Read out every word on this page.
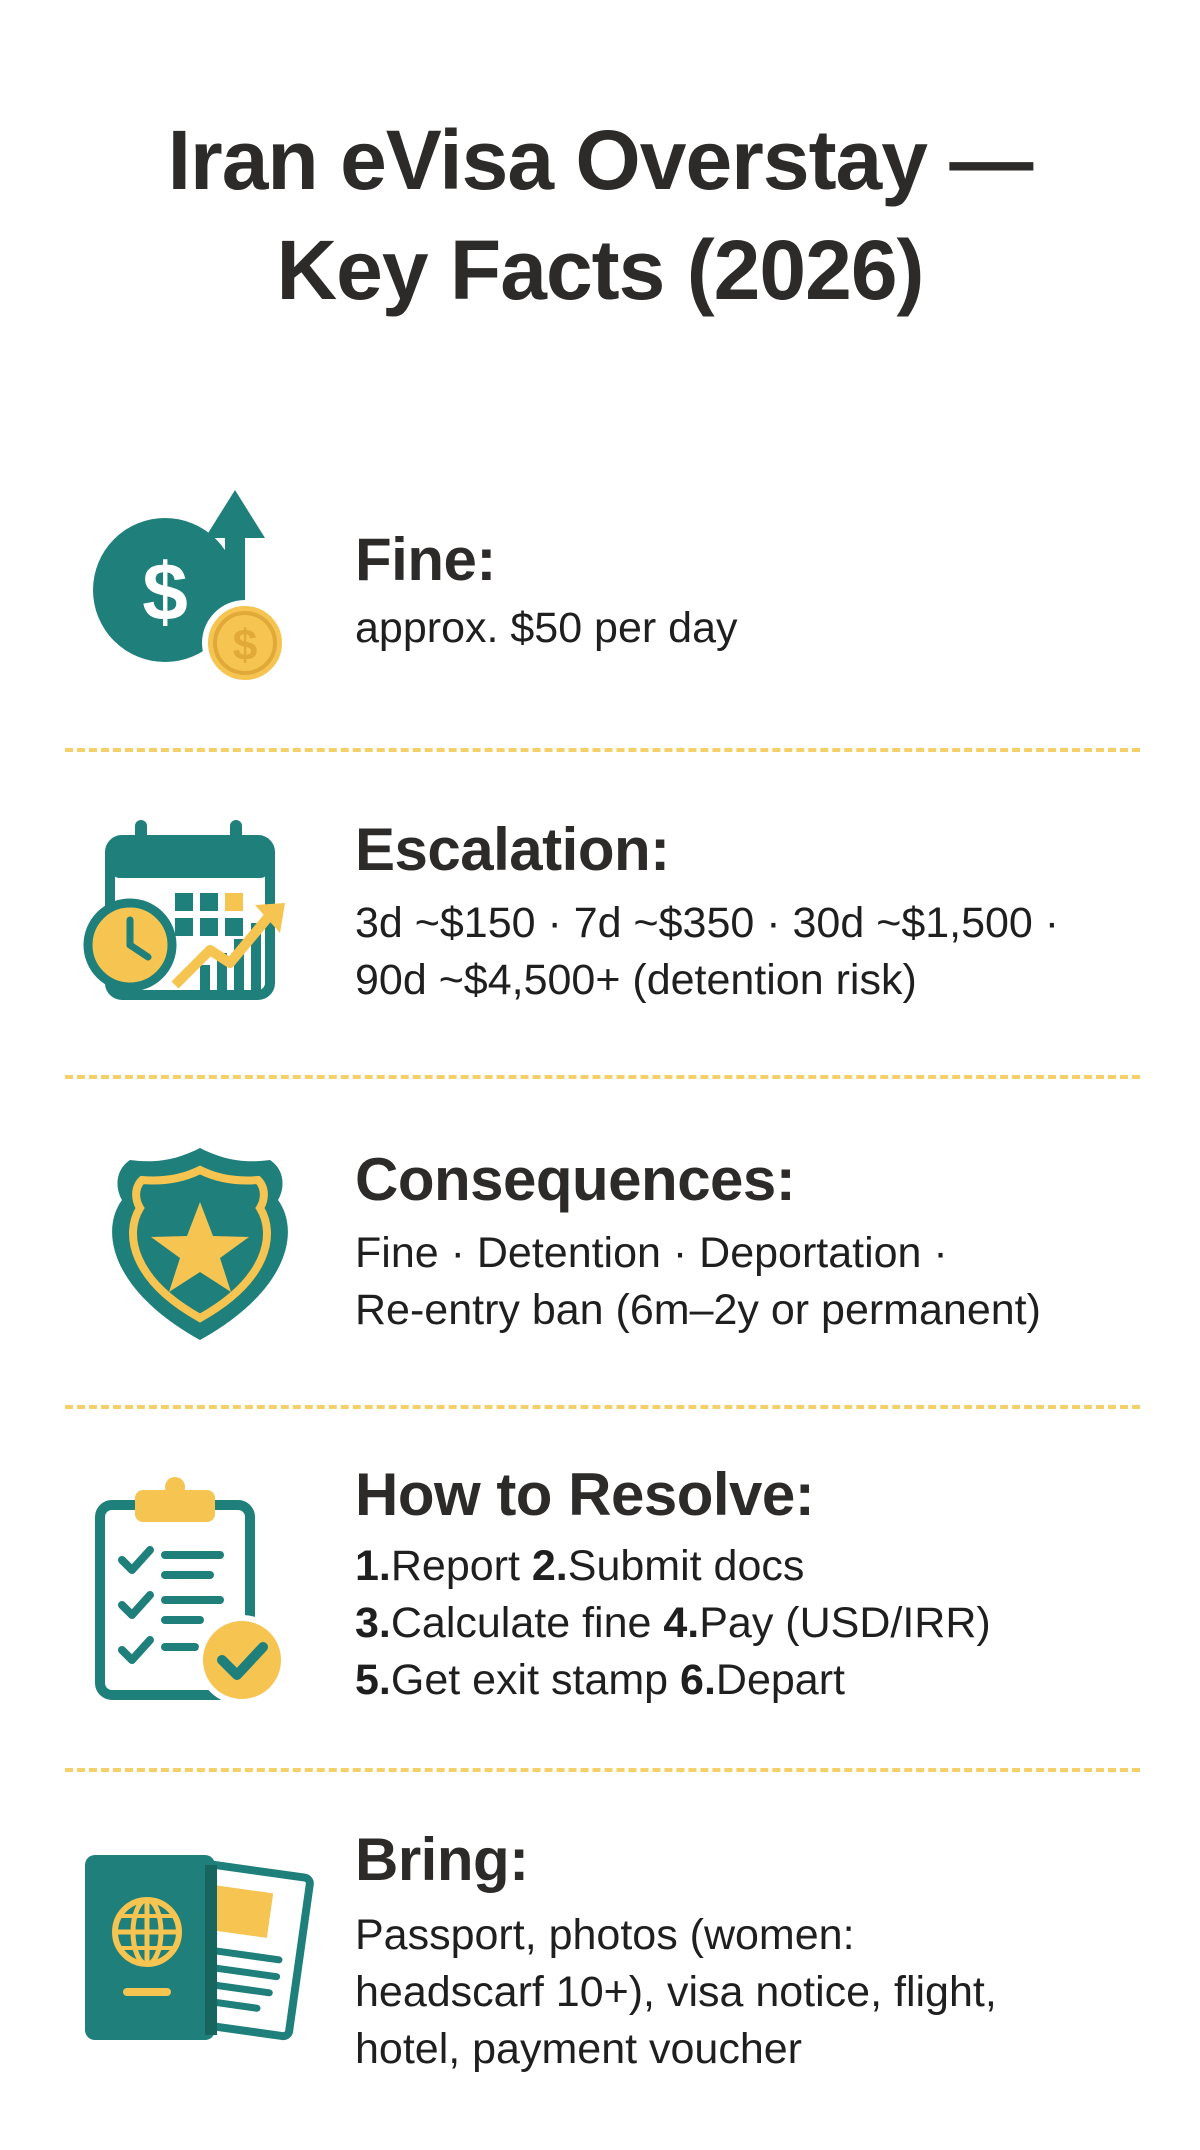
Iran eVisa Overstay —
Key Facts (2026)
$
$
Fine:
approx. $50 per day
Escalation:
3d ~$150 · 7d ~$350 · 30d ~$1,500 ·
90d ~$4,500+ (detention risk)
Consequences:
Fine · Detention · Deportation ·
Re-entry ban (6m–2y or permanent)
How to Resolve:
1.Report 2.Submit docs
3.Calculate fine 4.Pay (USD/IRR)
5.Get exit stamp 6.Depart
Bring:
Passport, photos (women:
headscarf 10+), visa notice, flight,
hotel, payment voucher
